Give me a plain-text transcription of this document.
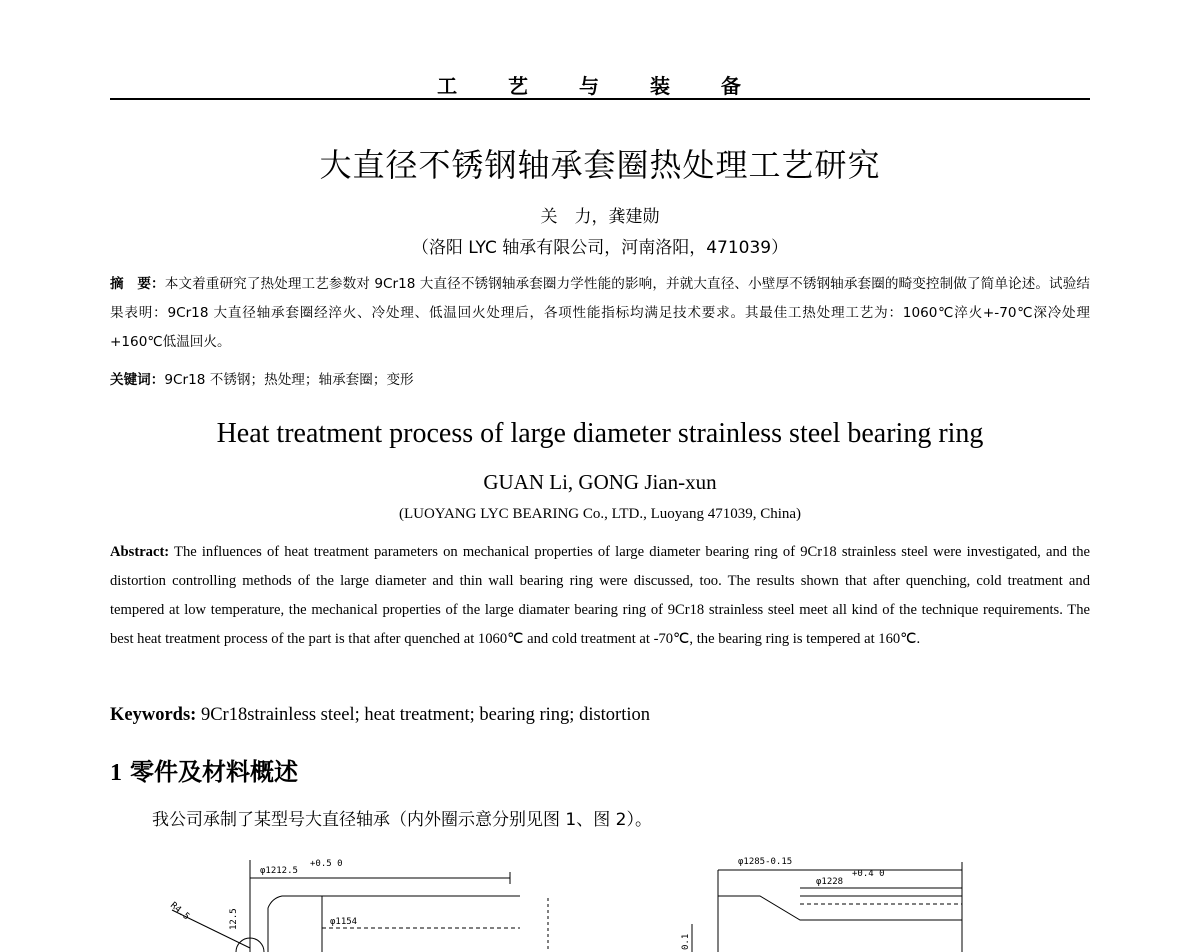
工 艺 与 装 备
大直径不锈钢轴承套圈热处理工艺研究
关　力，龚建勋
（洛阳 LYC 轴承有限公司，河南洛阳，471039）
摘　要：本文着重研究了热处理工艺参数对 9Cr18 大直径不锈钢轴承套圈力学性能的影响，并就大直径、小壁厚不锈钢轴承套圈的畸变控制做了简单论述。试验结果表明：9Cr18 大直径轴承套圈经淬火、冷处理、低温回火处理后，各项性能指标均满足技术要求。其最佳工热处理工艺为：1060℃淬火+-70℃深冷处理+160℃低温回火。
关键词：9Cr18 不锈钢；热处理；轴承套圈；变形
Heat treatment process of large diameter strainless steel bearing ring
GUAN Li, GONG Jian-xun
(LUOYANG LYC BEARING Co., LTD., Luoyang 471039, China)
Abstract: The influences of heat treatment parameters on mechanical properties of large diameter bearing ring of 9Cr18 strainless steel were investigated, and the distortion controlling methods of the large diameter and thin wall bearing ring were discussed, too. The results shown that after quenching, cold treatment and tempered at low temperature, the mechanical properties of the large diamater bearing ring of 9Cr18 strainless steel meet all kind of the technique requirements. The best heat treatment process of the part is that after quenched at 1060℃ and cold treatment at -70℃, the bearing ring is tempered at 160℃.
Keywords: 9Cr18strainless steel; heat treatment; bearing ring; distortion
1 零件及材料概述
我公司承制了某型号大直径轴承（内外圈示意分别见图 1、图 2）。
φ1212.5
+0.5 0
φ1154
12.5
R4.5
φ1285-0.15
φ1228
+0.4 0
0.1
